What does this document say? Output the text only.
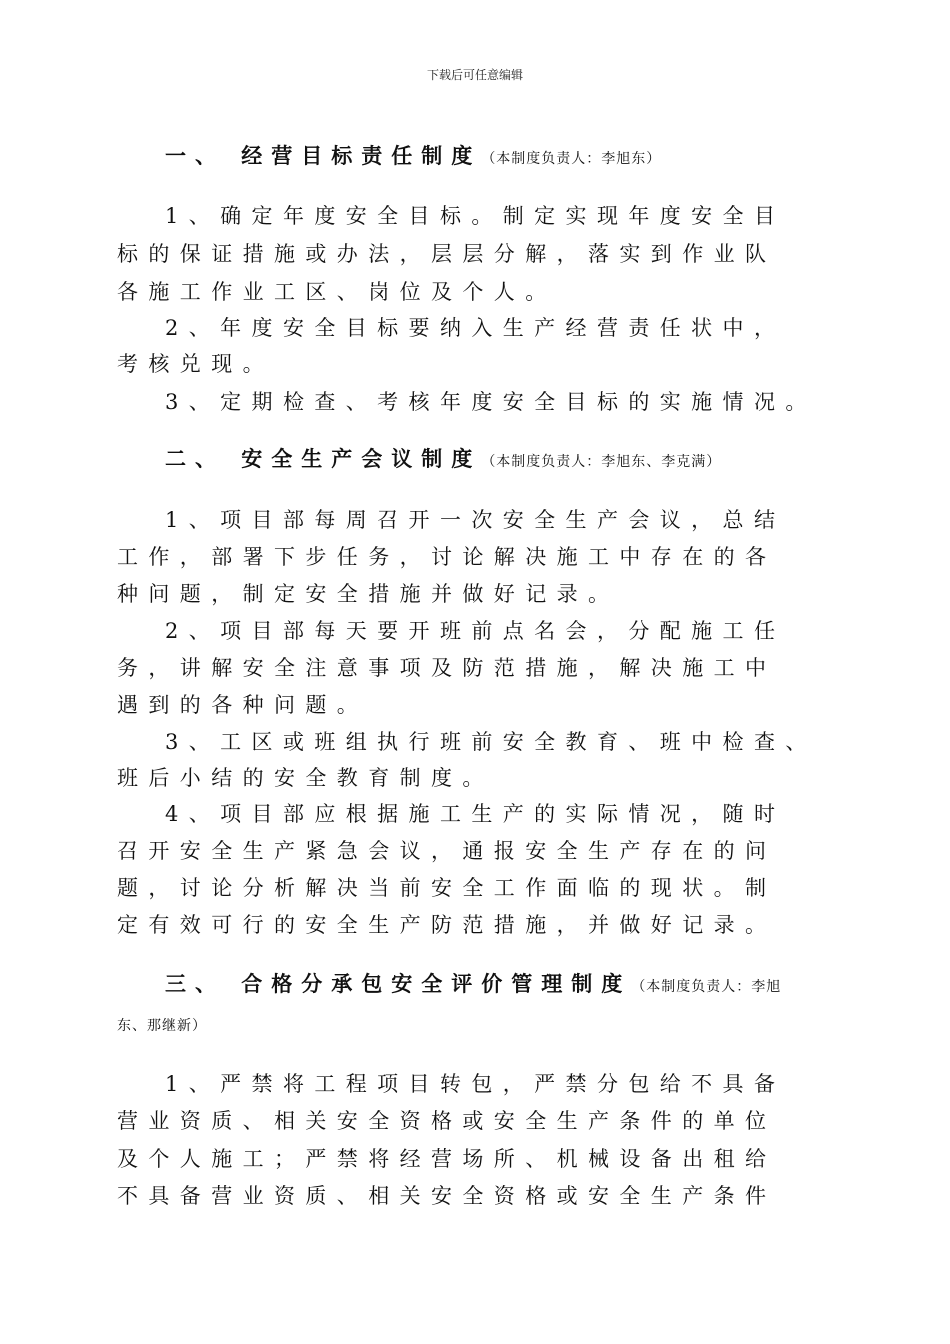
下载后可任意编辑
一、 经营目标责任制度（本制度负责人：李旭东）
1、确定年度安全目标。制定实现年度安全目
标的保证措施或办法，层层分解，落实到作业队
各施工作业工区、岗位及个人。
2、年度安全目标要纳入生产经营责任状中，
考核兑现。
3、定期检查、考核年度安全目标的实施情况。
二、 安全生产会议制度（本制度负责人：李旭东、李克满）
1、项目部每周召开一次安全生产会议，总结
工作，部署下步任务，讨论解决施工中存在的各
种问题，制定安全措施并做好记录。
2、项目部每天要开班前点名会，分配施工任
务，讲解安全注意事项及防范措施，解决施工中
遇到的各种问题。
3、工区或班组执行班前安全教育、班中检查、
班后小结的安全教育制度。
4、项目部应根据施工生产的实际情况，随时
召开安全生产紧急会议，通报安全生产存在的问
题，讨论分析解决当前安全工作面临的现状。制
定有效可行的安全生产防范措施，并做好记录。
三、 合格分承包安全评价管理制度（本制度负责人：李旭
东、那继新）
1、严禁将工程项目转包，严禁分包给不具备
营业资质、相关安全资格或安全生产条件的单位
及个人施工；严禁将经营场所、机械设备出租给
不具备营业资质、相关安全资格或安全生产条件
